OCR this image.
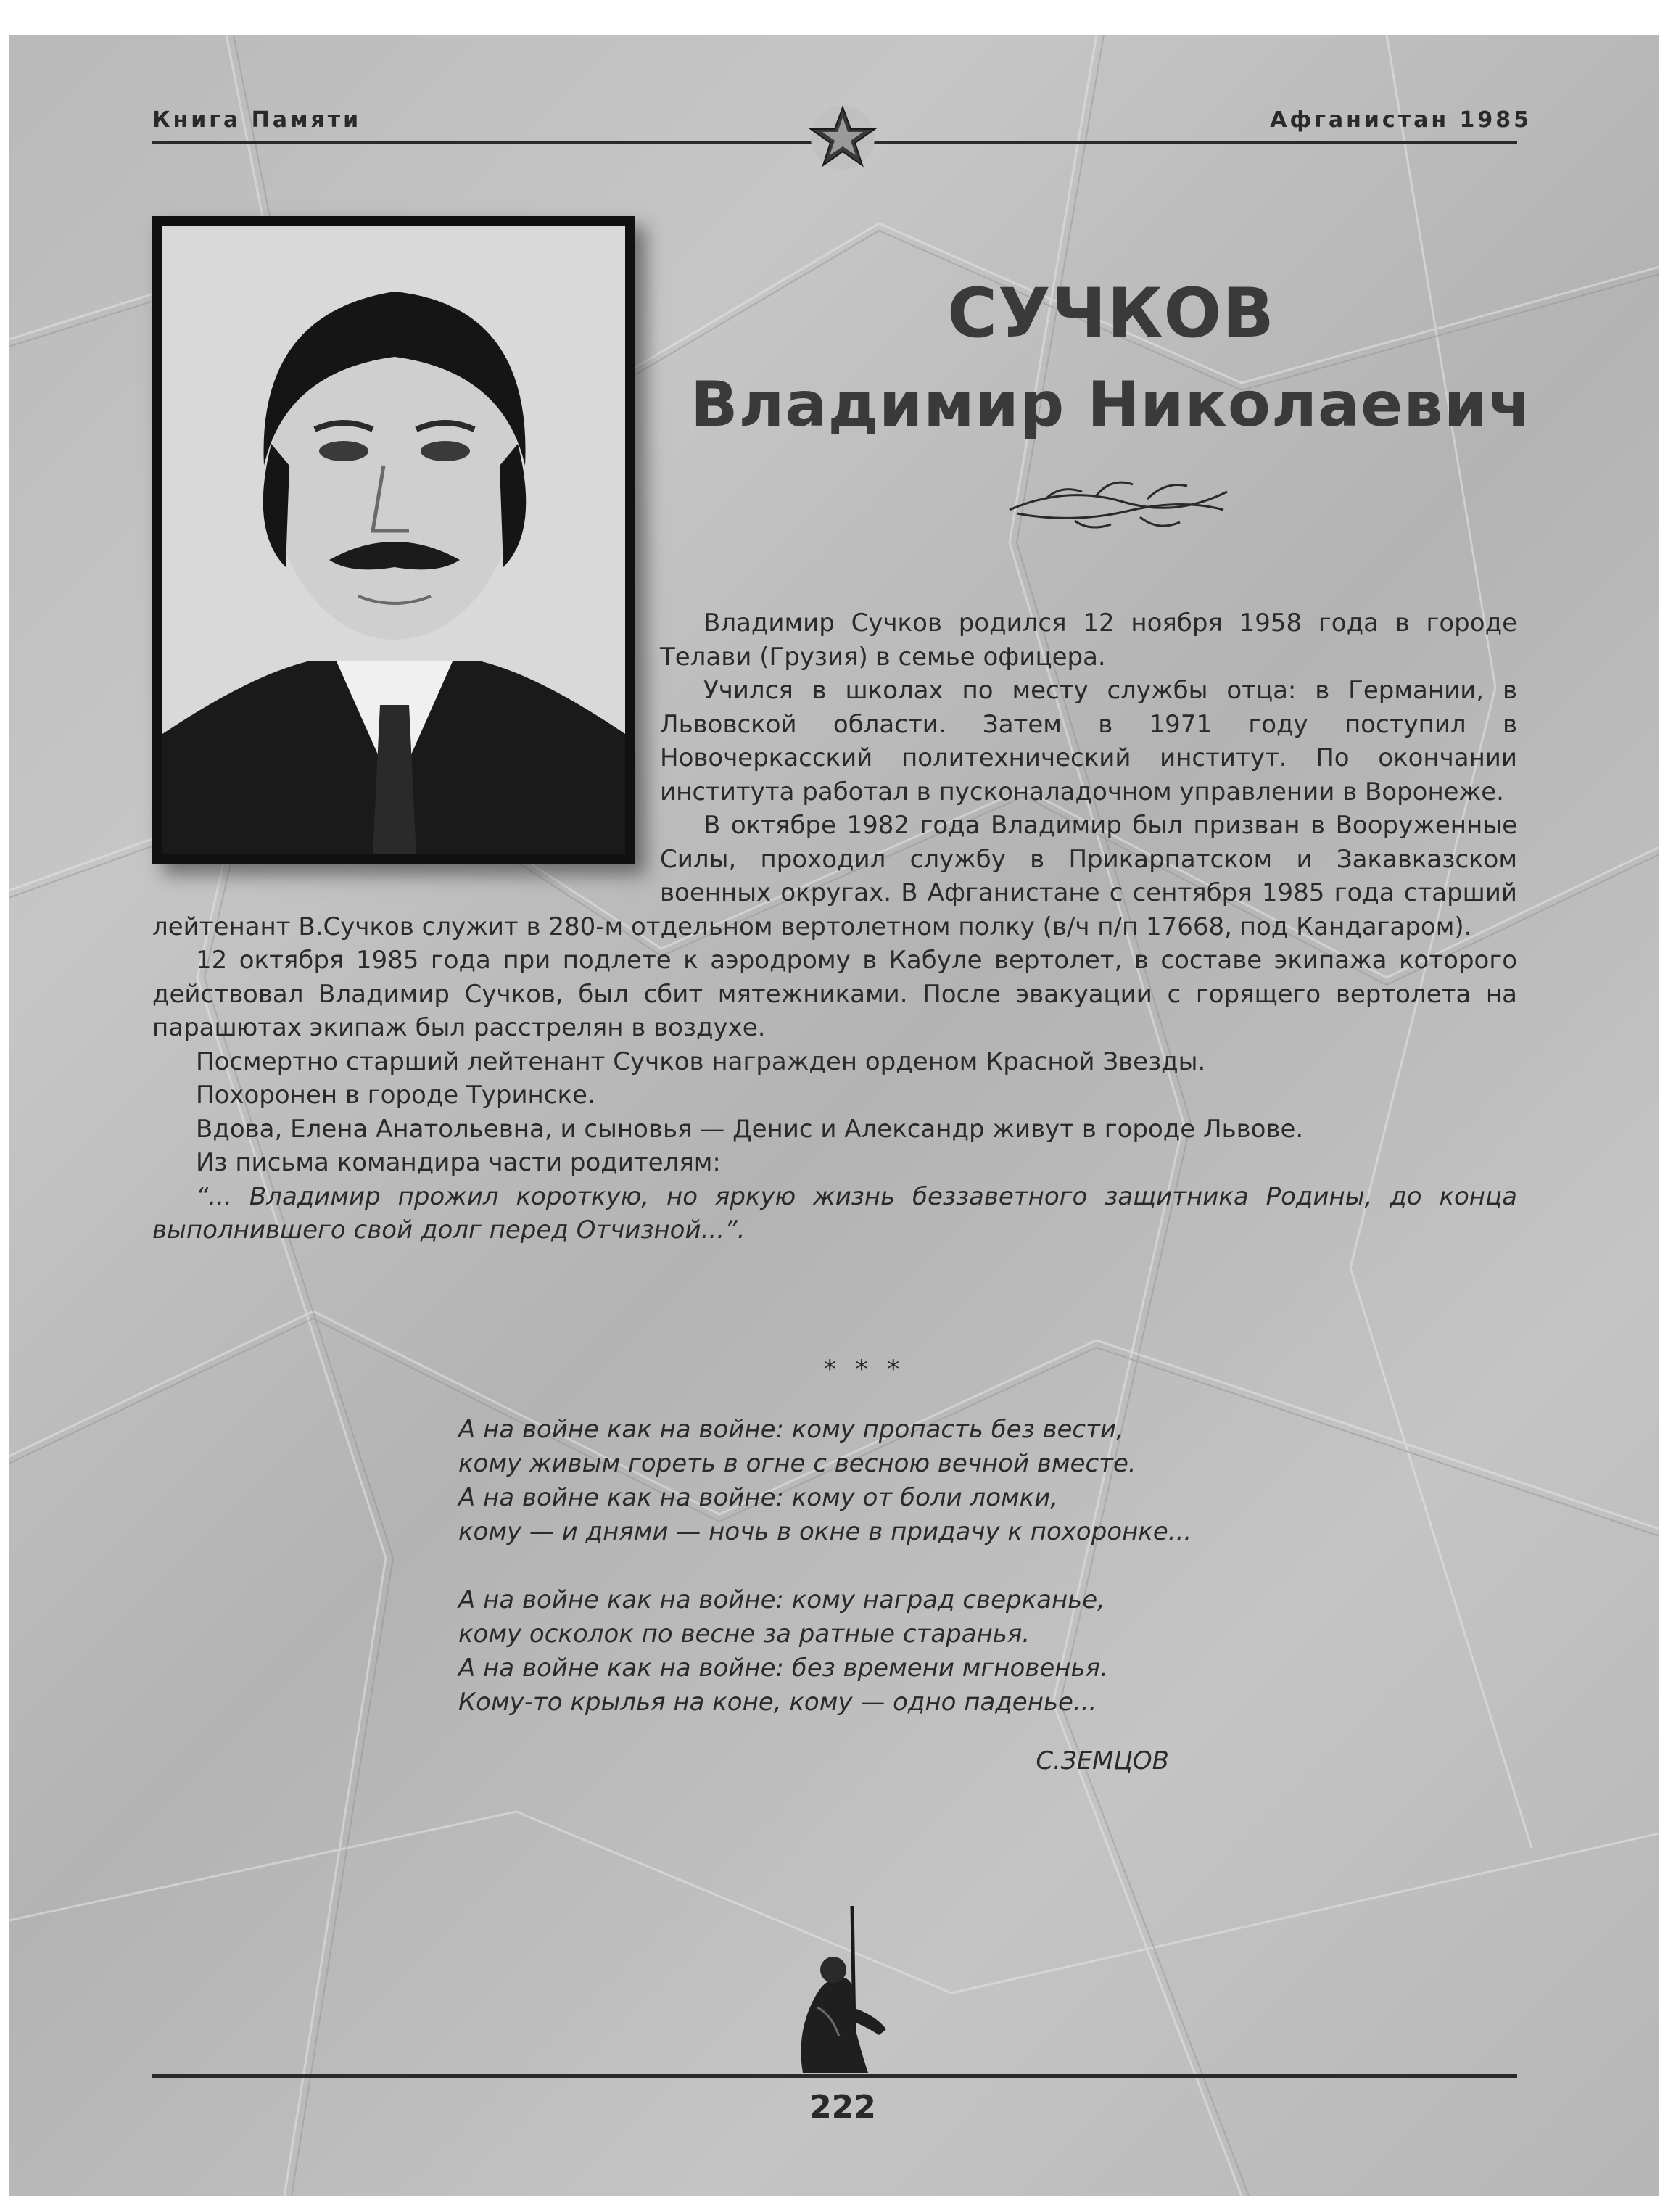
Книга Памяти	Афганистан 1985
СУЧКОВ
Владимир Николаевич

Владимир Сучков родился 12 ноября 1958 года в городе Телави (Грузия) в семье офицера.

Учился в школах по месту службы отца: в Германии, в Львовской области. Затем в 1971 году поступил в Новочеркасский политехнический институт. По окончании института работал в пусконаладочном управлении в Воронеже.

В октябре 1982 года Владимир был призван в Вооруженные Силы, проходил службу в Прикарпатском и Закавказском военных округах. В Афганистане с сентября 1985 года старший лейтенант В.Сучков служит в 280-м отдельном вертолетном полку (в/ч п/п 17668, под Кандагаром).

12 октября 1985 года при подлете к аэродрому в Кабуле вертолет, в составе экипажа которого действовал Владимир Сучков, был сбит мятежниками. После эвакуации с горящего вертолета на парашютах экипаж был расстрелян в воздухе.

Посмертно старший лейтенант Сучков награжден орденом Красной Звезды.

Похоронен в городе Туринске.

Вдова, Елена Анатольевна, и сыновья — Денис и Александр живут в городе Львове.

Из письма командира части родителям:

“... Владимир прожил короткую, но яркую жизнь беззаветного защитника Родины, до конца выполнившего свой долг перед Отчизной...”.

* * *
А на войне как на войне: кому пропасть без вести,
кому живым гореть в огне с весною вечной вместе.
А на войне как на войне: кому от боли ломки,
кому — и днями — ночь в окне в придачу к похоронке...
А на войне как на войне: кому наград сверканье,
кому осколок по весне за ратные старанья.
А на войне как на войне: без времени мгновенья.
Кому-то крылья на коне, кому — одно паденье...
С.ЗЕМЦОВ
222
